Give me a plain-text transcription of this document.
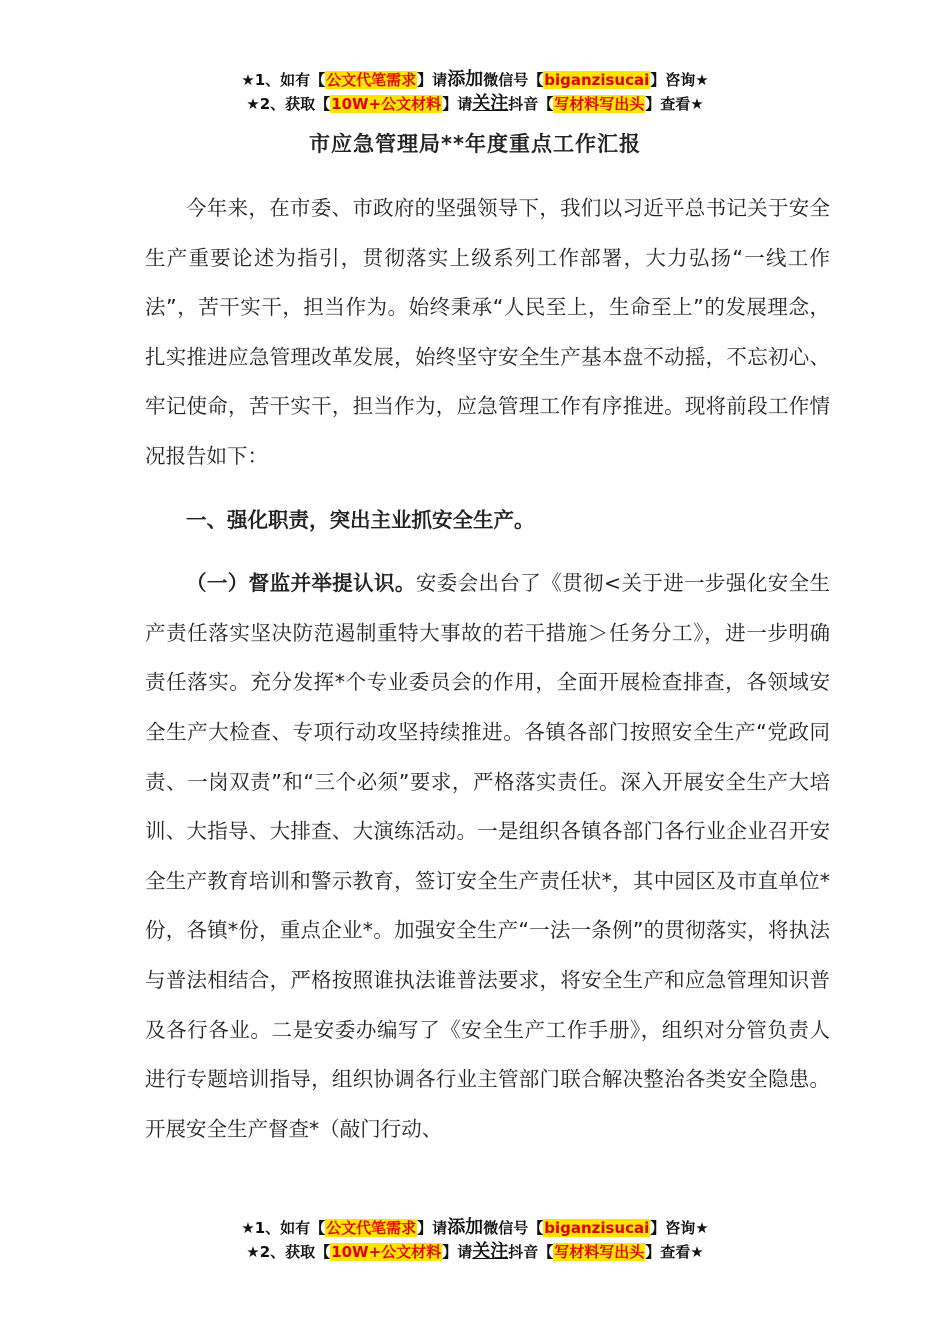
★1、如有【公文代笔需求】请添加微信号【biganzisucai】咨询★
★2、获取【10W+公文材料】请关注抖音【写材料写出头】查看★
市应急管理局**年度重点工作汇报

今年来，在市委、市政府的坚强领导下，我们以习近平总书记关于安全生产重要论述为指引，贯彻落实上级系列工作部署，大力弘扬“一线工作法”，苦干实干，担当作为。始终秉承“人民至上，生命至上”的发展理念，扎实推进应急管理改革发展，始终坚守安全生产基本盘不动摇，不忘初心、牢记使命，苦干实干，担当作为，应急管理工作有序推进。现将前段工作情况报告如下：

一、强化职责，突出主业抓安全生产。

（一）督监并举提认识。安委会出台了《贯彻<关于进一步强化安全生产责任落实坚决防范遏制重特大事故的若干措施＞任务分工》，进一步明确责任落实。充分发挥*个专业委员会的作用，全面开展检查排查，各领域安全生产大检查、专项行动攻坚持续推进。各镇各部门按照安全生产“党政同责、一岗双责”和“三个必须”要求，严格落实责任。深入开展安全生产大培训、大指导、大排查、大演练活动。一是组织各镇各部门各行业企业召开安全生产教育培训和警示教育，签订安全生产责任状*，其中园区及市直单位*份，各镇*份，重点企业*。加强安全生产“一法一条例”的贯彻落实，将执法与普法相结合，严格按照谁执法谁普法要求，将安全生产和应急管理知识普及各行各业。二是安委办编写了《安全生产工作手册》，组织对分管负责人进行专题培训指导，组织协调各行业主管部门联合解决整治各类安全隐患。开展安全生产督查*（敲门行动、

★1、如有【公文代笔需求】请添加微信号【biganzisucai】咨询★
★2、获取【10W+公文材料】请关注抖音【写材料写出头】查看★
